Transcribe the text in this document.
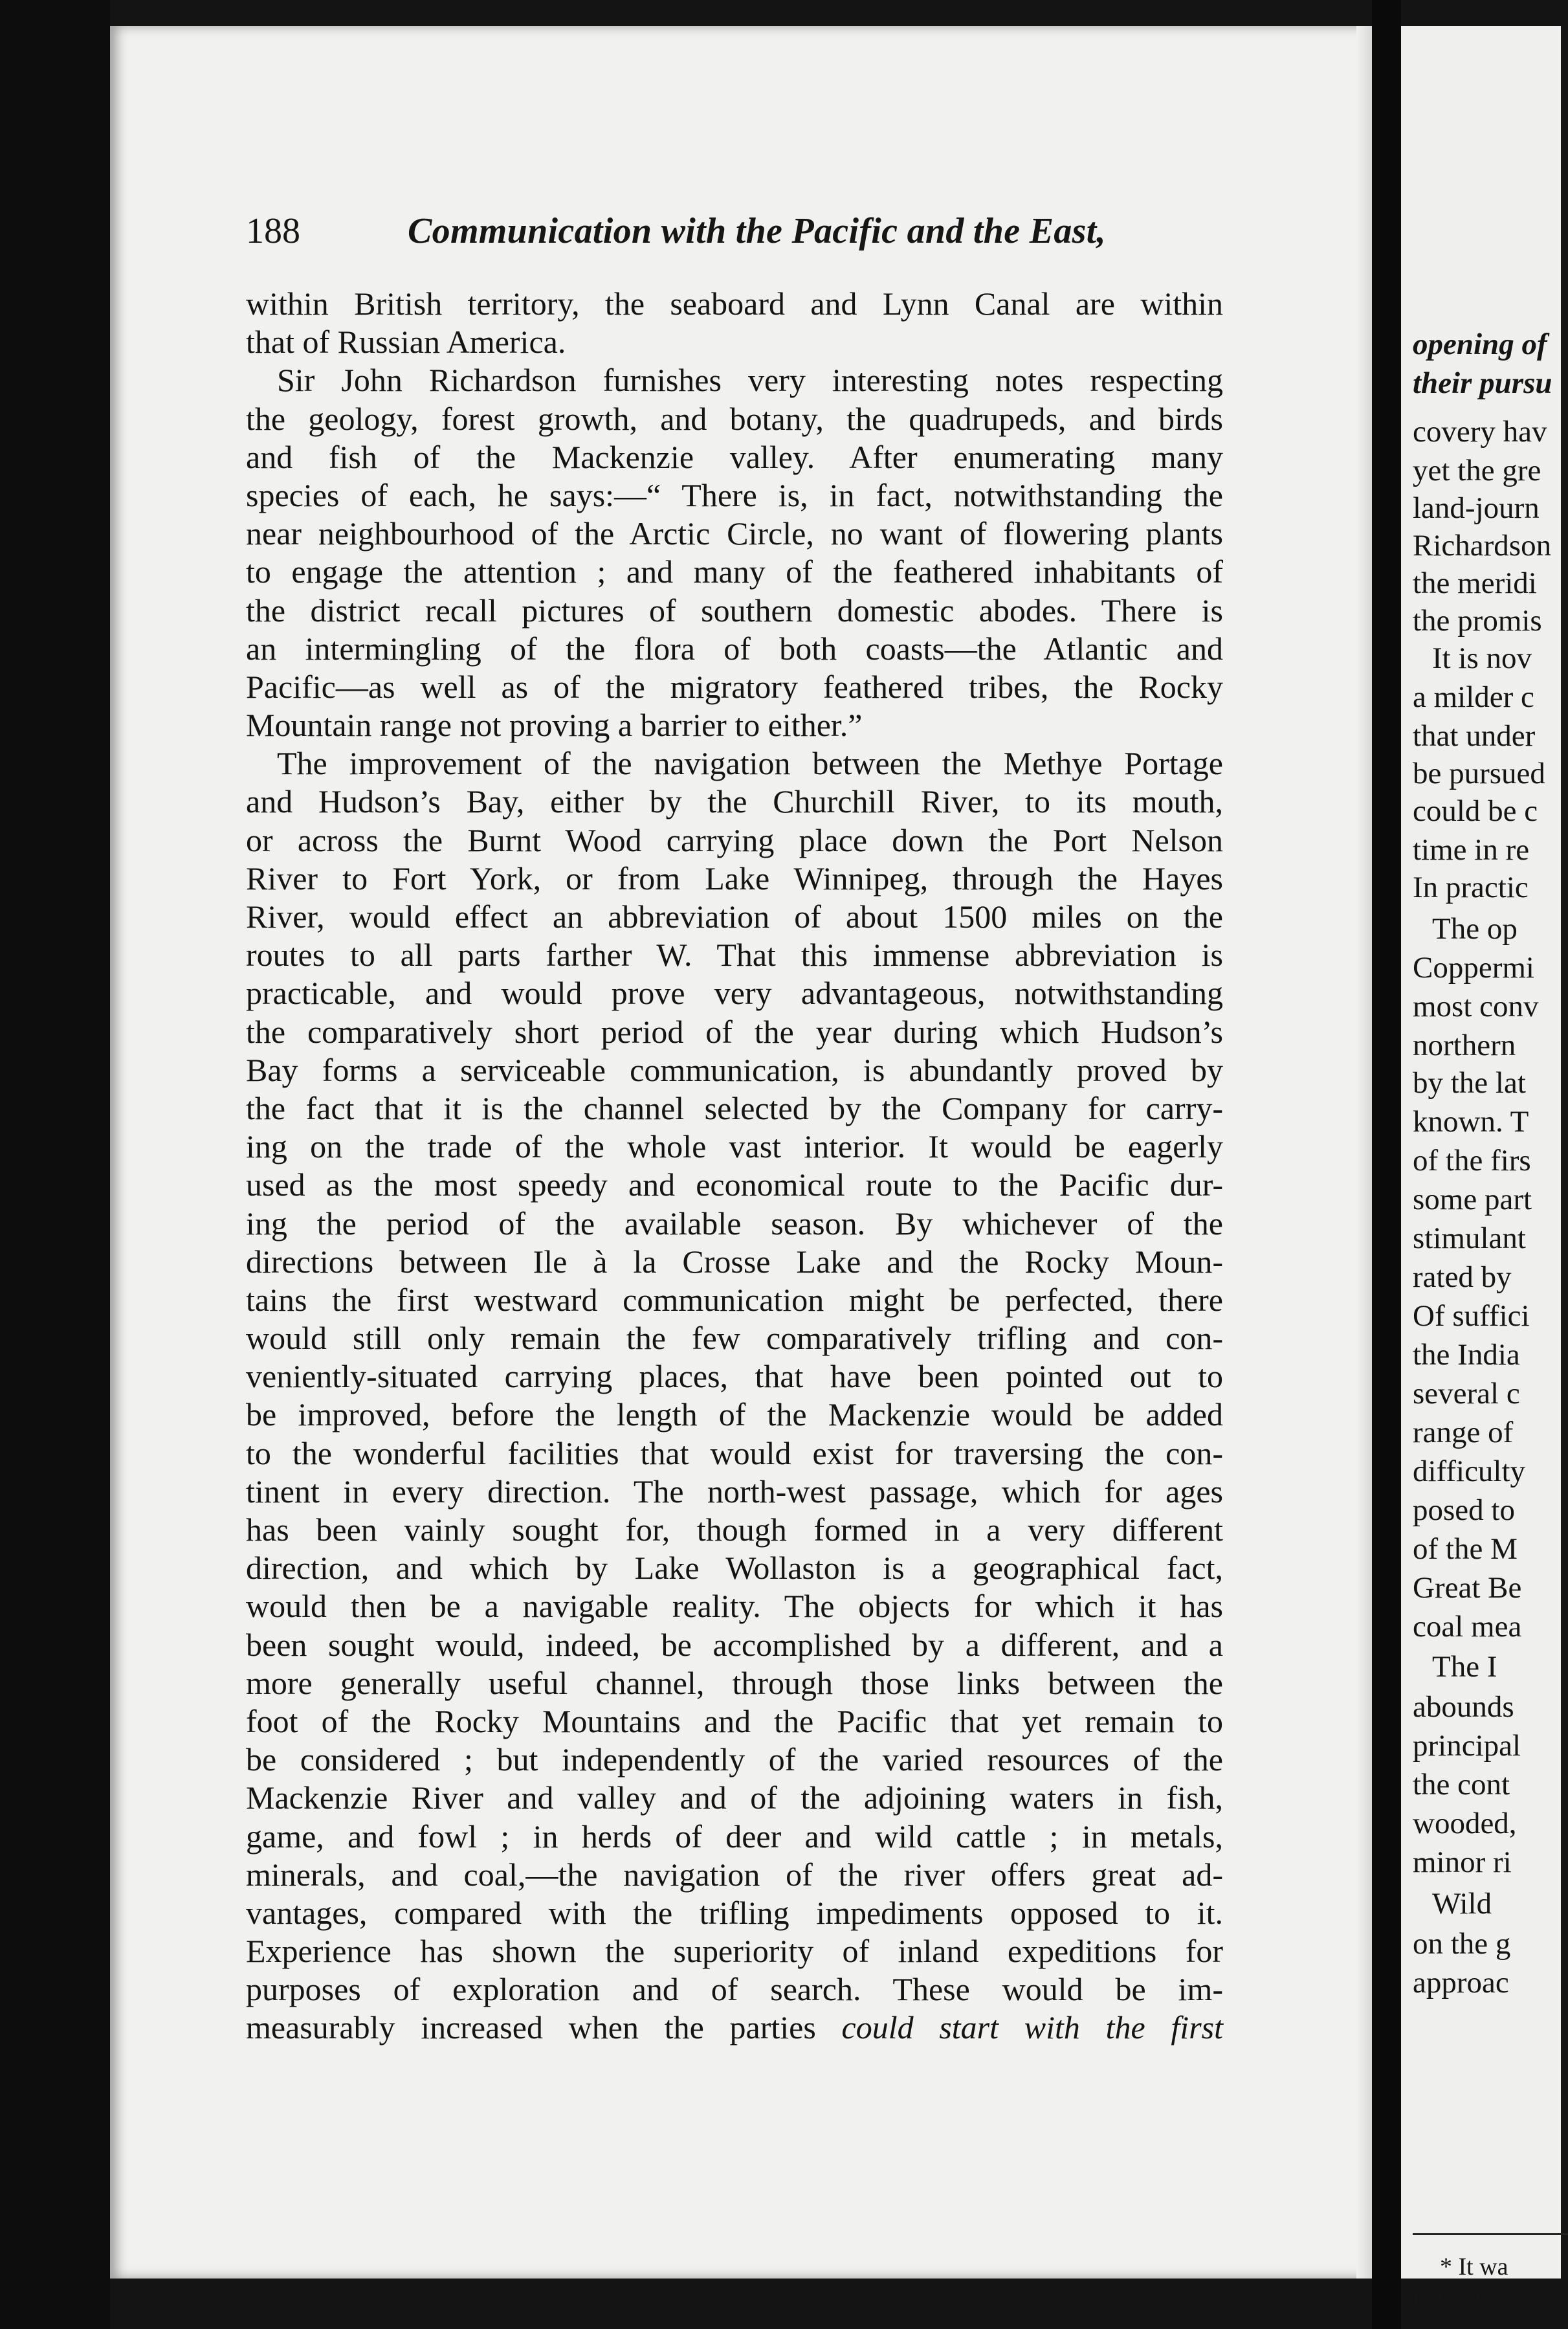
188	Communication with the Pacific and the East,
within British territory, the seaboard and Lynn Canal are within
that of Russian America.
Sir John Richardson furnishes very interesting notes respecting
the geology, forest growth, and botany, the quadrupeds, and birds
and fish of the Mackenzie valley. After enumerating many
species of each, he says:—“ There is, in fact, notwithstanding the
near neighbourhood of the Arctic Circle, no want of flowering plants
to engage the attention ; and many of the feathered inhabitants of
the district recall pictures of southern domestic abodes. There is
an intermingling of the flora of both coasts—the Atlantic and
Pacific—as well as of the migratory feathered tribes, the Rocky
Mountain range not proving a barrier to either.”
The improvement of the navigation between the Methye Portage
and Hudson’s Bay, either by the Churchill River, to its mouth,
or across the Burnt Wood carrying place down the Port Nelson
River to Fort York, or from Lake Winnipeg, through the Hayes
River, would effect an abbreviation of about 1500 miles on the
routes to all parts farther W. That this immense abbreviation is
practicable, and would prove very advantageous, notwithstanding
the comparatively short period of the year during which Hudson’s
Bay forms a serviceable communication, is abundantly proved by
the fact that it is the channel selected by the Company for carry-
ing on the trade of the whole vast interior. It would be eagerly
used as the most speedy and economical route to the Pacific dur-
ing the period of the available season. By whichever of the
directions between Ile à la Crosse Lake and the Rocky Moun-
tains the first westward communication might be perfected, there
would still only remain the few comparatively trifling and con-
veniently-situated carrying places, that have been pointed out to
be improved, before the length of the Mackenzie would be added
to the wonderful facilities that would exist for traversing the con-
tinent in every direction. The north-west passage, which for ages
has been vainly sought for, though formed in a very different
direction, and which by Lake Wollaston is a geographical fact,
would then be a navigable reality. The objects for which it has
been sought would, indeed, be accomplished by a different, and a
more generally useful channel, through those links between the
foot of the Rocky Mountains and the Pacific that yet remain to
be considered ; but independently of the varied resources of the
Mackenzie River and valley and of the adjoining waters in fish,
game, and fowl ; in herds of deer and wild cattle ; in metals,
minerals, and coal,—the navigation of the river offers great ad-
vantages, compared with the trifling impediments opposed to it.
Experience has shown the superiority of inland expeditions for
purposes of exploration and of search. These would be im-
measurably increased when the parties could start with the first
* It wa
not to boa
opening of
their pursu
covery hav
yet the gre
land-journ
Richardson
the meridi
the promis
It is nov
a milder c
that under
be pursued
could be c
time in re
In practic
The op
Coppermi
most conv
northern
by the lat
known. T
of the firs
some part
stimulant
rated by
Of suffici
the India
several c
range of
difficulty
posed to
of the M
Great Be
coal mea
The I
abounds
principal
the cont
wooded,
minor ri
Wild
on the g
approac
